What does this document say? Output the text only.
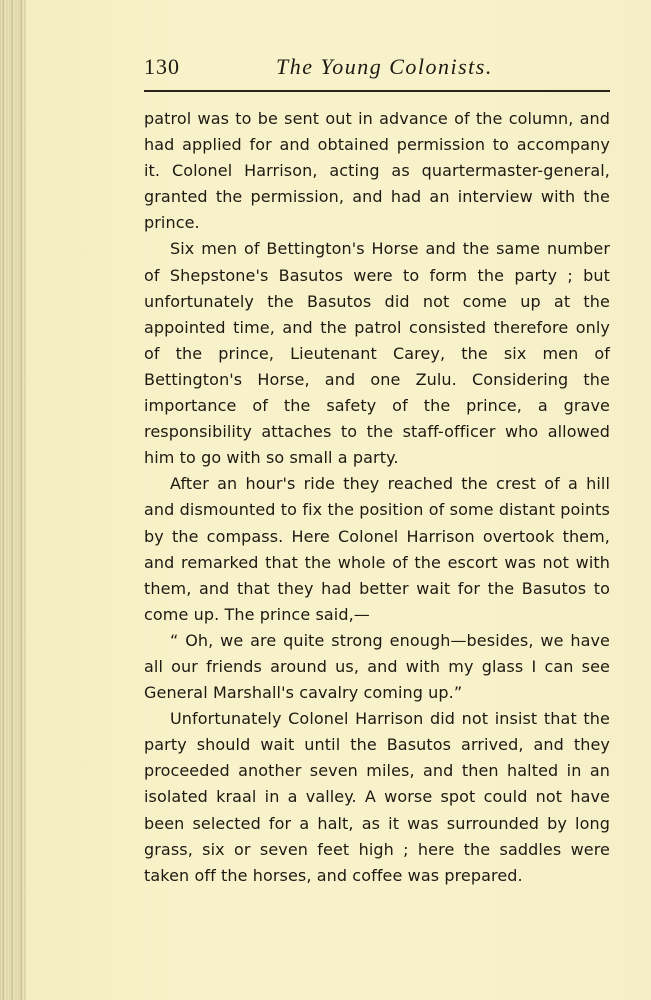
130	The Young Colonists.

patrol was to be sent out in advance of the column, and had applied for and obtained permission to accompany it. Colonel Harrison, acting as quartermaster-general, granted the permission, and had an interview with the prince.

Six men of Bettington's Horse and the same number of Shepstone's Basutos were to form the party ; but unfortunately the Basutos did not come up at the appointed time, and the patrol consisted therefore only of the prince, Lieutenant Carey, the six men of Bettington's Horse, and one Zulu. Considering the importance of the safety of the prince, a grave responsibility attaches to the staff-officer who allowed him to go with so small a party.

After an hour's ride they reached the crest of a hill and dismounted to fix the position of some distant points by the compass. Here Colonel Harrison overtook them, and remarked that the whole of the escort was not with them, and that they had better wait for the Basutos to come up. The prince said,—

“ Oh, we are quite strong enough—besides, we have all our friends around us, and with my glass I can see General Marshall's cavalry coming up.”

Unfortunately Colonel Harrison did not insist that the party should wait until the Basutos arrived, and they proceeded another seven miles, and then halted in an isolated kraal in a valley. A worse spot could not have been selected for a halt, as it was surrounded by long grass, six or seven feet high ; here the saddles were taken off the horses, and coffee was prepared.
